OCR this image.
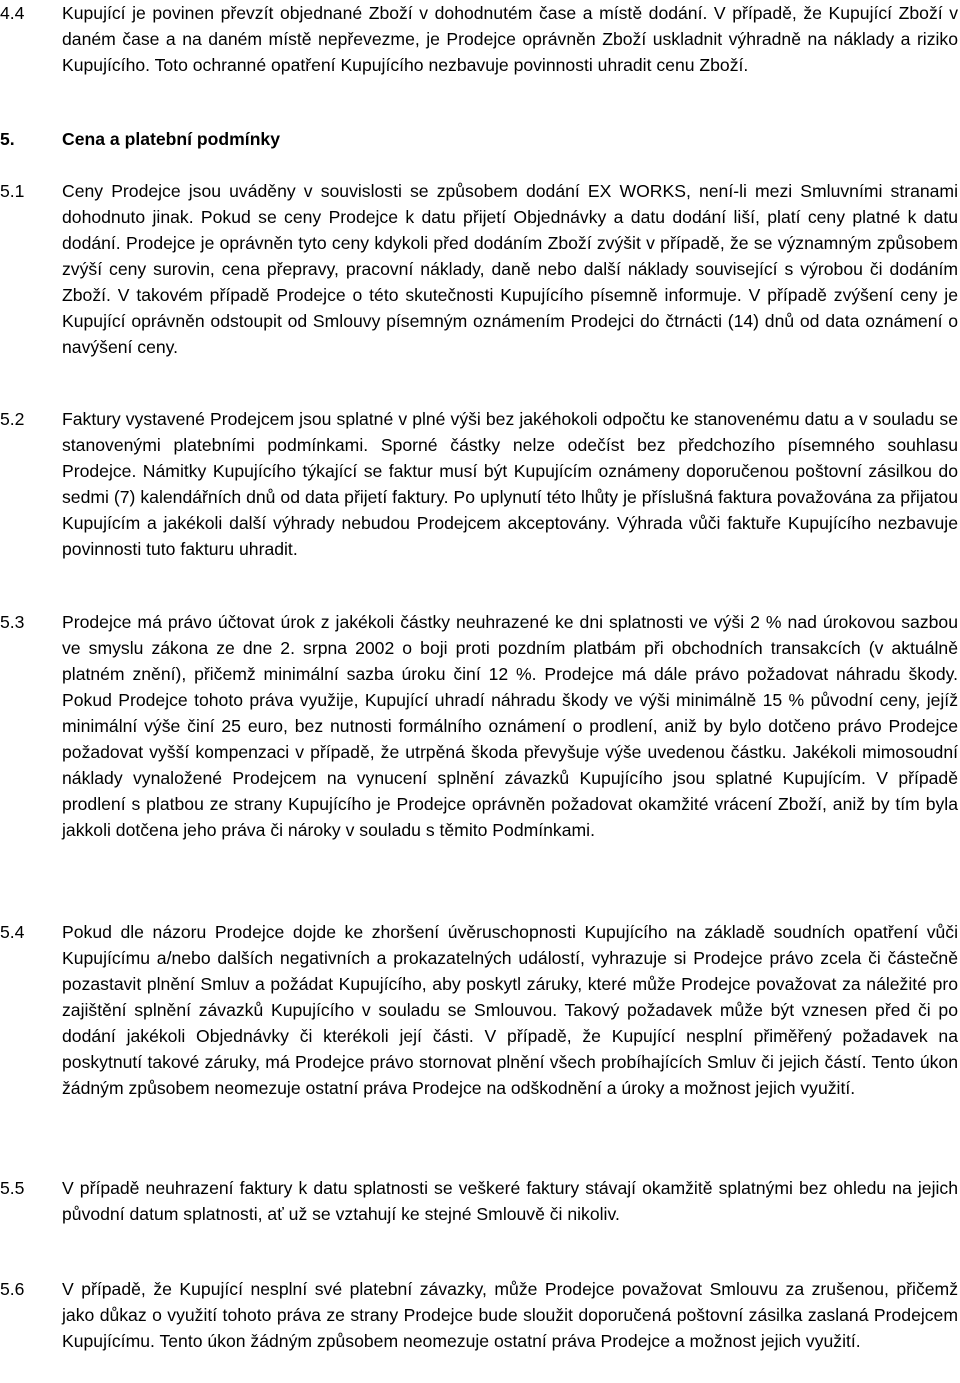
4.4 Kupující je povinen převzít objednané Zboží v dohodnutém čase a místě dodání. V případě, že Kupující Zboží v daném čase a na daném místě nepřevezme, je Prodejce oprávněn Zboží uskladnit výhradně na náklady a riziko Kupujícího. Toto ochranné opatření Kupujícího nezbavuje povinnosti uhradit cenu Zboží.
5.	Cena a platební podmínky
5.1 Ceny Prodejce jsou uváděny v souvislosti se způsobem dodání EX WORKS, není-li mezi Smluvními stranami dohodnuto jinak. Pokud se ceny Prodejce k datu přijetí Objednávky a datu dodání liší, platí ceny platné k datu dodání. Prodejce je oprávněn tyto ceny kdykoli před dodáním Zboží zvýšit v případě, že se významným způsobem zvýší ceny surovin, cena přepravy, pracovní náklady, daně nebo další náklady související s výrobou či dodáním Zboží. V takovém případě Prodejce o této skutečnosti Kupujícího písemně informuje. V případě zvýšení ceny je Kupující oprávněn odstoupit od Smlouvy písemným oznámením Prodejci do čtrnácti (14) dnů od data oznámení o navýšení ceny.
5.2 Faktury vystavené Prodejcem jsou splatné v plné výši bez jakéhokoli odpočtu ke stanovenému datu a v souladu se stanovenými platebními podmínkami. Sporné částky nelze odečíst bez předchozího písemného souhlasu Prodejce. Námitky Kupujícího týkající se faktur musí být Kupujícím oznámeny doporučenou poštovní zásilkou do sedmi (7) kalendářních dnů od data přijetí faktury. Po uplynutí této lhůty je příslušná faktura považována za přijatou Kupujícím a jakékoli další výhrady nebudou Prodejcem akceptovány. Výhrada vůči faktuře Kupujícího nezbavuje povinnosti tuto fakturu uhradit.
5.3 Prodejce má právo účtovat úrok z jakékoli částky neuhrazené ke dni splatnosti ve výši 2 % nad úrokovou sazbou ve smyslu zákona ze dne 2. srpna 2002 o boji proti pozdním platbám při obchodních transakcích (v aktuálně platném znění), přičemž minimální sazba úroku činí 12 %. Prodejce má dále právo požadovat náhradu škody. Pokud Prodejce tohoto práva využije, Kupující uhradí náhradu škody ve výši minimálně 15 % původní ceny, jejíž minimální výše činí 25 euro, bez nutnosti formálního oznámení o prodlení, aniž by bylo dotčeno právo Prodejce požadovat vyšší kompenzaci v případě, že utrpěná škoda převyšuje výše uvedenou částku. Jakékoli mimosoudní náklady vynaložené Prodejcem na vynucení splnění závazků Kupujícího jsou splatné Kupujícím. V případě prodlení s platbou ze strany Kupujícího je Prodejce oprávněn požadovat okamžité vrácení Zboží, aniž by tím byla jakkoli dotčena jeho práva či nároky v souladu s těmito Podmínkami.
5.4 Pokud dle názoru Prodejce dojde ke zhoršení úvěruschopnosti Kupujícího na základě soudních opatření vůči Kupujícímu a/nebo dalších negativních a prokazatelných událostí, vyhrazuje si Prodejce právo zcela či částečně pozastavit plnění Smluv a požádat Kupujícího, aby poskytl záruky, které může Prodejce považovat za náležité pro zajištění splnění závazků Kupujícího v souladu se Smlouvou. Takový požadavek může být vznesen před či po dodání jakékoli Objednávky či kterékoli její části. V případě, že Kupující nesplní přiměřený požadavek na poskytnutí takové záruky, má Prodejce právo stornovat plnění všech probíhajících Smluv či jejich částí. Tento úkon žádným způsobem neomezuje ostatní práva Prodejce na odškodnění a úroky a možnost jejich využití.
5.5 V případě neuhrazení faktury k datu splatnosti se veškeré faktury stávají okamžitě splatnými bez ohledu na jejich původní datum splatnosti, ať už se vztahují ke stejné Smlouvě či nikoliv.
5.6 V případě, že Kupující nesplní své platební závazky, může Prodejce považovat Smlouvu za zrušenou, přičemž jako důkaz o využití tohoto práva ze strany Prodejce bude sloužit doporučená poštovní zásilka zaslaná Prodejcem Kupujícímu. Tento úkon žádným způsobem neomezuje ostatní práva Prodejce a možnost jejich využití.
